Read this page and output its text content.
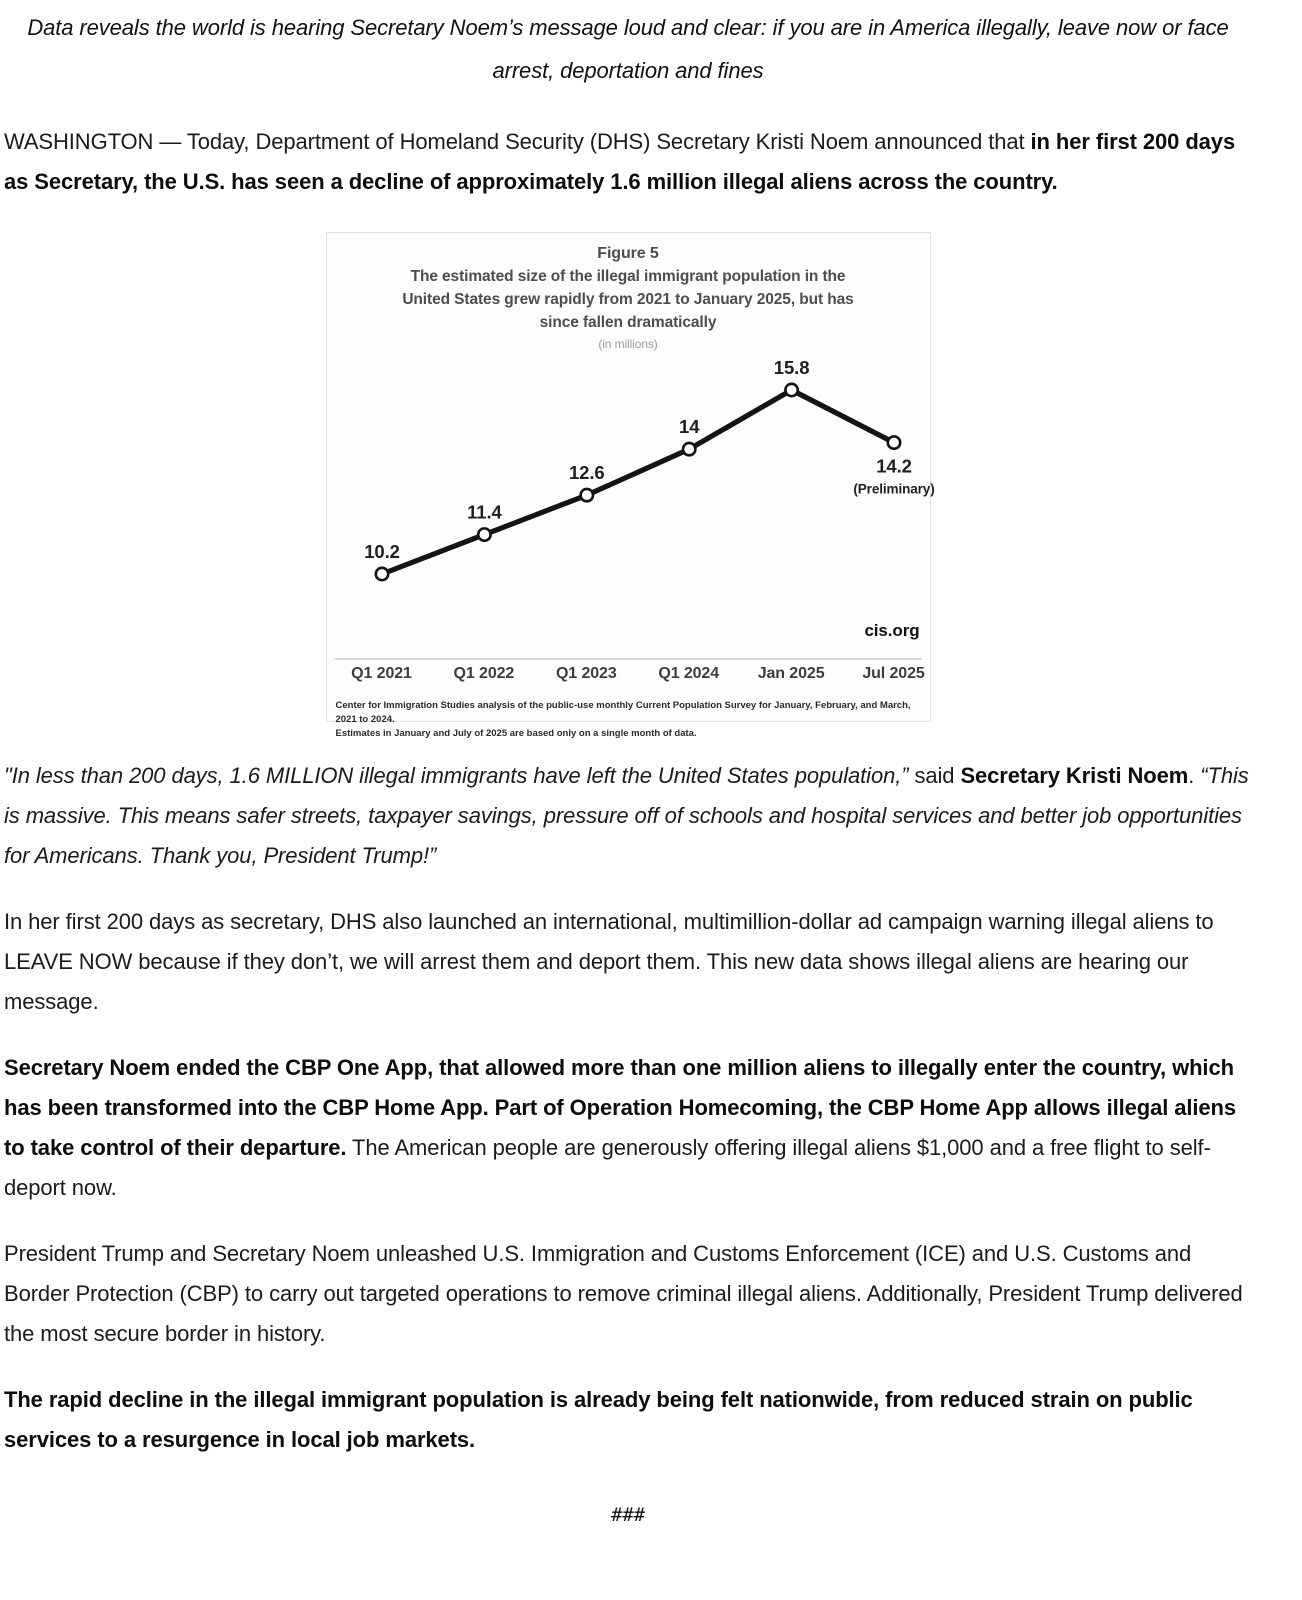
Data reveals the world is hearing Secretary Noem’s message loud and clear: if you are in America illegally, leave now or face arrest, deportation and fines

WASHINGTON — Today, Department of Homeland Security (DHS) Secretary Kristi Noem announced that in her first 200 days as Secretary, the U.S. has seen a decline of approximately 1.6 million illegal aliens across the country.

Figure 5
The estimated size of the illegal immigrant population in the United States grew rapidly from 2021 to January 2025, but has since fallen dramatically
(in millions)
10.2
11.4
12.6
14
15.8
14.2
(Preliminary)
cis.org
Q1 2021	Q1 2022	Q1 2023	Q1 2024	Jan 2025	Jul 2025
Center for Immigration Studies analysis of the public-use monthly Current Population Survey for January, February, and March, 2021 to 2024.
Estimates in January and July of 2025 are based only on a single month of data.

"In less than 200 days, 1.6 MILLION illegal immigrants have left the United States population,” said Secretary Kristi Noem. “This is massive. This means safer streets, taxpayer savings, pressure off of schools and hospital services and better job opportunities for Americans. Thank you, President Trump!”

In her first 200 days as secretary, DHS also launched an international, multimillion-dollar ad campaign warning illegal aliens to LEAVE NOW because if they don’t, we will arrest them and deport them. This new data shows illegal aliens are hearing our message.

Secretary Noem ended the CBP One App, that allowed more than one million aliens to illegally enter the country, which has been transformed into the CBP Home App. Part of Operation Homecoming, the CBP Home App allows illegal aliens to take control of their departure. The American people are generously offering illegal aliens $1,000 and a free flight to self-deport now.

President Trump and Secretary Noem unleashed U.S. Immigration and Customs Enforcement (ICE) and U.S. Customs and Border Protection (CBP) to carry out targeted operations to remove criminal illegal aliens. Additionally, President Trump delivered the most secure border in history.

The rapid decline in the illegal immigrant population is already being felt nationwide, from reduced strain on public services to a resurgence in local job markets.

###
